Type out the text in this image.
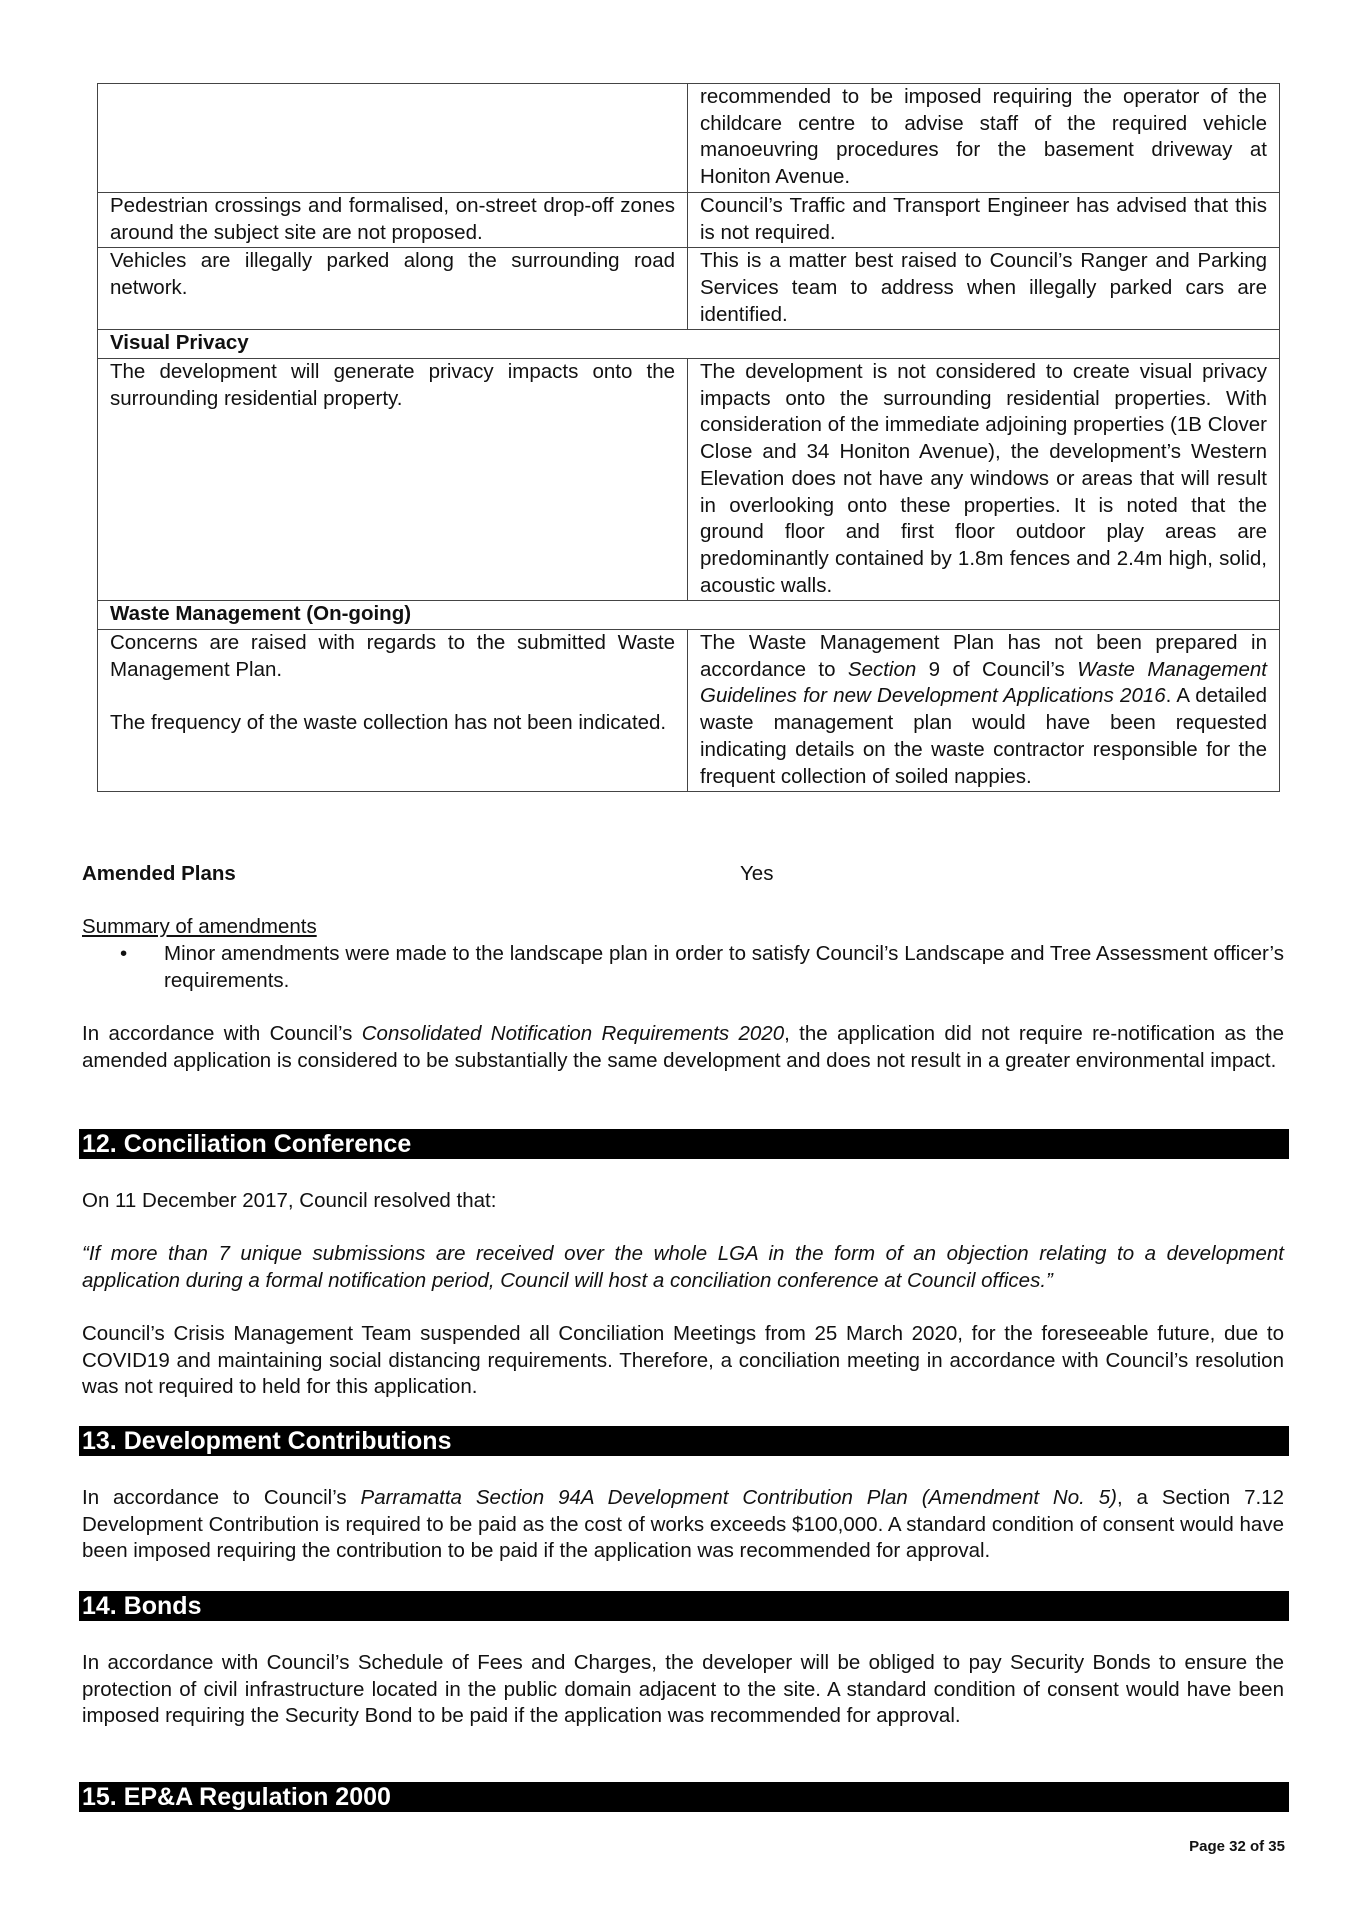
	recommended to be imposed requiring the operator of the childcare centre to advise staff of the required vehicle manoeuvring procedures for the basement driveway at Honiton Avenue.
Pedestrian crossings and formalised, on-street drop-off zones around the subject site are not proposed.	Council’s Traffic and Transport Engineer has advised that this is not required.
Vehicles are illegally parked along the surrounding road network.	This is a matter best raised to Council’s Ranger and Parking Services team to address when illegally parked cars are identified.
Visual Privacy	
The development will generate privacy impacts onto the surrounding residential property.	The development is not considered to create visual privacy impacts onto the surrounding residential properties. With consideration of the immediate adjoining properties (1B Clover Close and 34 Honiton Avenue), the development’s Western Elevation does not have any windows or areas that will result in overlooking onto these properties. It is noted that the ground floor and first floor outdoor play areas are predominantly contained by 1.8m fences and 2.4m high, solid, acoustic walls.
Waste Management (On-going)	
Concerns are raised with regards to the submitted Waste Management Plan.
The frequency of the waste collection has not been indicated.	The Waste Management Plan has not been prepared in accordance to Section 9 of Council’s Waste Management Guidelines for new Development Applications 2016. A detailed waste management plan would have been requested indicating details on the waste contractor responsible for the frequent collection of soiled nappies.
Amended Plans	Yes
Summary of amendments
•	Minor amendments were made to the landscape plan in order to satisfy Council’s Landscape and Tree Assessment officer’s requirements.
In accordance with Council’s Consolidated Notification Requirements 2020, the application did not require re-notification as the amended application is considered to be substantially the same development and does not result in a greater environmental impact.
12. Conciliation Conference
On 11 December 2017, Council resolved that:
“If more than 7 unique submissions are received over the whole LGA in the form of an objection relating to a development application during a formal notification period, Council will host a conciliation conference at Council offices.”
Council’s Crisis Management Team suspended all Conciliation Meetings from 25 March 2020, for the foreseeable future, due to COVID19 and maintaining social distancing requirements. Therefore, a conciliation meeting in accordance with Council’s resolution was not required to held for this application.
13. Development Contributions
In accordance to Council’s Parramatta Section 94A Development Contribution Plan (Amendment No. 5), a Section 7.12 Development Contribution is required to be paid as the cost of works exceeds $100,000. A standard condition of consent would have been imposed requiring the contribution to be paid if the application was recommended for approval.
14. Bonds
In accordance with Council’s Schedule of Fees and Charges, the developer will be obliged to pay Security Bonds to ensure the protection of civil infrastructure located in the public domain adjacent to the site. A standard condition of consent would have been imposed requiring the Security Bond to be paid if the application was recommended for approval.
15. EP&A Regulation 2000
Page 32 of 35
